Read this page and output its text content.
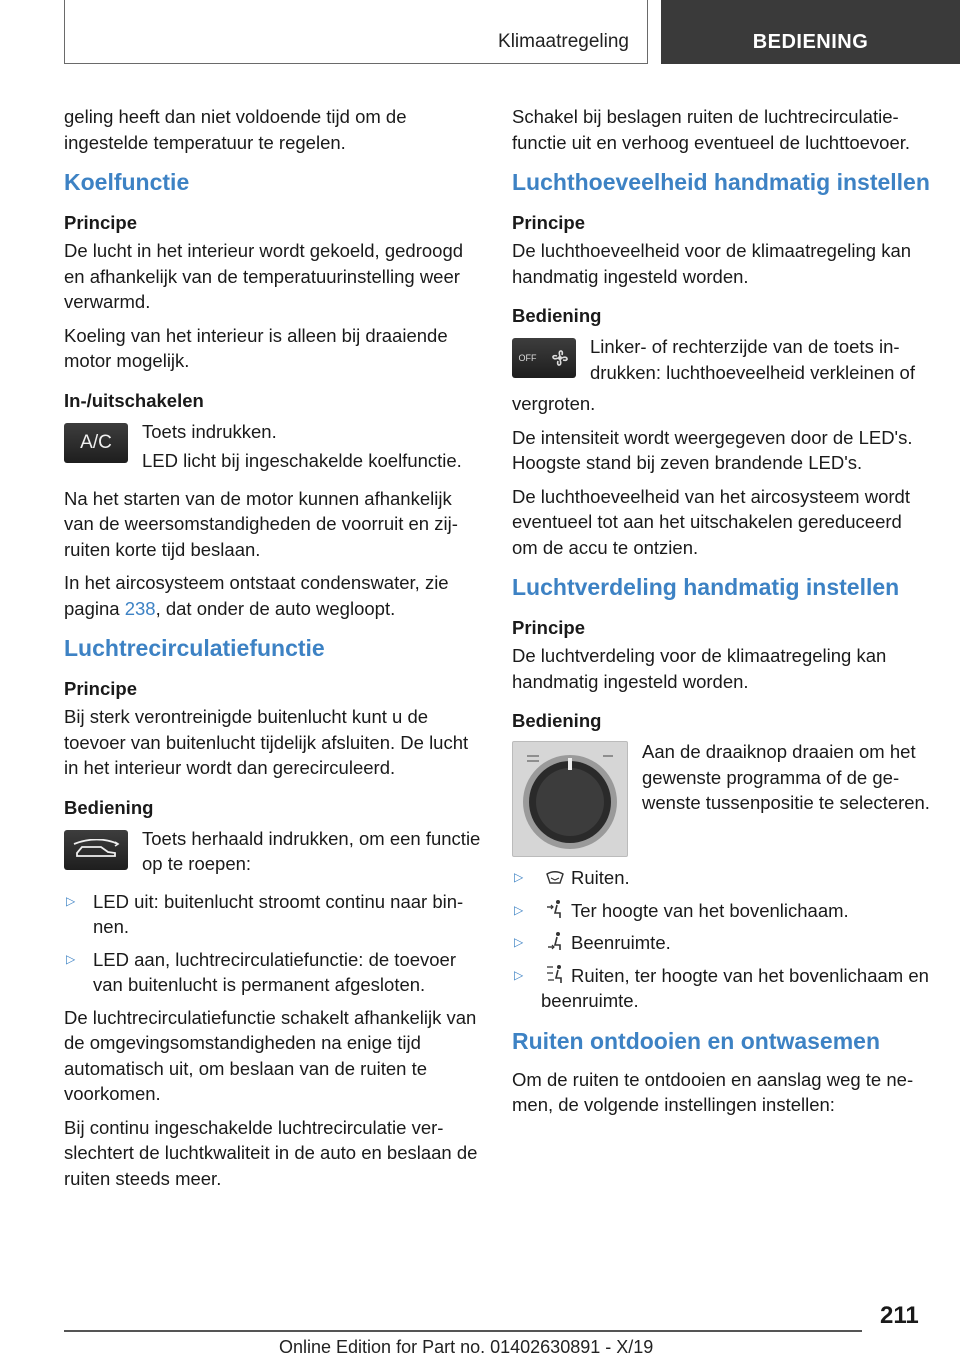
Klimaatregeling	BEDIENING

geling heeft dan niet voldoende tijd om de ingestelde temperatuur te regelen.

Koelfunctie
Principe

De lucht in het interieur wordt gekoeld, gedroogd en afhankelijk van de temperatuurinstelling weer verwarmd.

Koeling van het interieur is alleen bij draaiende motor mogelijk.

In-/uitschakelen
A/C

Toets indrukken.

LED licht bij ingeschakelde koelfunctie.

Na het starten van de motor kunnen afhankelijk van de weersomstandigheden de voorruit en zijruiten korte tijd beslaan.

In het aircosysteem ontstaat condenswater, zie pagina 238, dat onder de auto wegloopt.

Luchtrecirculatiefunctie
Principe

Bij sterk verontreinigde buitenlucht kunt u de toevoer van buitenlucht tijdelijk afsluiten. De lucht in het interieur wordt dan gerecirculeerd.

Bediening

Toets herhaald indrukken, om een functie op te roepen:

▷ LED uit: buitenlucht stroomt continu naar binnen.
▷ LED aan, luchtrecirculatiefunctie: de toevoer van buitenlucht is permanent afgesloten.

De luchtrecirculatiefunctie schakelt afhankelijk van de omgevingsomstandigheden na enige tijd automatisch uit, om beslaan van de ruiten te voorkomen.

Bij continu ingeschakelde luchtrecirculatie verslechtert de luchtkwaliteit in de auto en beslaan de ruiten steeds meer.

Schakel bij beslagen ruiten de luchtrecirculatiefunctie uit en verhoog eventueel de luchttoevoer.

Luchthoeveelheid handmatig instellen
Principe

De luchthoeveelheid voor de klimaatregeling kan handmatig ingesteld worden.

Bediening
OFF

Linker- of rechterzijde van de toets indrukken: luchthoeveelheid verkleinen of

vergroten.

De intensiteit wordt weergegeven door de LED's. Hoogste stand bij zeven brandende LED's.

De luchthoeveelheid van het aircosysteem wordt eventueel tot aan het uitschakelen gereduceerd om de accu te ontzien.

Luchtverdeling handmatig instellen
Principe

De luchtverdeling voor de klimaatregeling kan handmatig ingesteld worden.

Bediening

Aan de draaiknop draaien om het gewenste programma of de gewenste tussenpositie te selecteren.

▷	Ruiten.
▷	Ter hoogte van het bovenlichaam.
▷	Beenruimte.
▷	Ruiten, ter hoogte van het bovenlichaam en beenruimte.
Ruiten ontdooien en ontwasemen

Om de ruiten te ontdooien en aanslag weg te nemen, de volgende instellingen instellen:

211
Online Edition for Part no. 01402630891 - X/19
